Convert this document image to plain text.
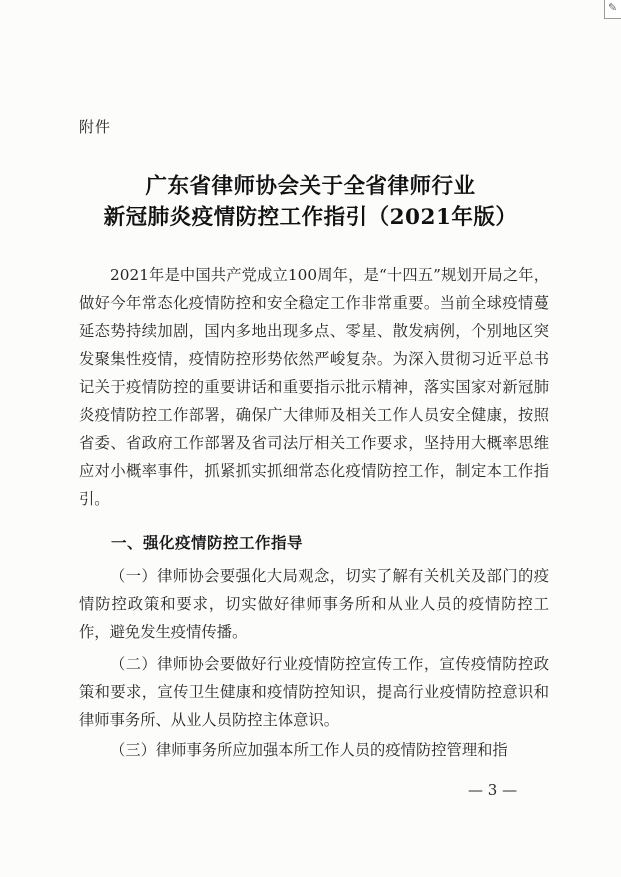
✎
附件
广东省律师协会关于全省律师行业
新冠肺炎疫情防控工作指引（2021年版）
2021年是中国共产党成立100周年，是“十四五”规划开局之年，做好今年常态化疫情防控和安全稳定工作非常重要。当前全球疫情蔓延态势持续加剧，国内多地出现多点、零星、散发病例，个别地区突发聚集性疫情，疫情防控形势依然严峻复杂。为深入贯彻习近平总书记关于疫情防控的重要讲话和重要指示批示精神，落实国家对新冠肺炎疫情防控工作部署，确保广大律师及相关工作人员安全健康，按照省委、省政府工作部署及省司法厅相关工作要求，坚持用大概率思维应对小概率事件，抓紧抓实抓细常态化疫情防控工作，制定本工作指引。
一、强化疫情防控工作指导
（一）律师协会要强化大局观念，切实了解有关机关及部门的疫情防控政策和要求，切实做好律师事务所和从业人员的疫情防控工作，避免发生疫情传播。
（二）律师协会要做好行业疫情防控宣传工作，宣传疫情防控政策和要求，宣传卫生健康和疫情防控知识，提高行业疫情防控意识和律师事务所、从业人员防控主体意识。
（三）律师事务所应加强本所工作人员的疫情防控管理和指
— 3 —
